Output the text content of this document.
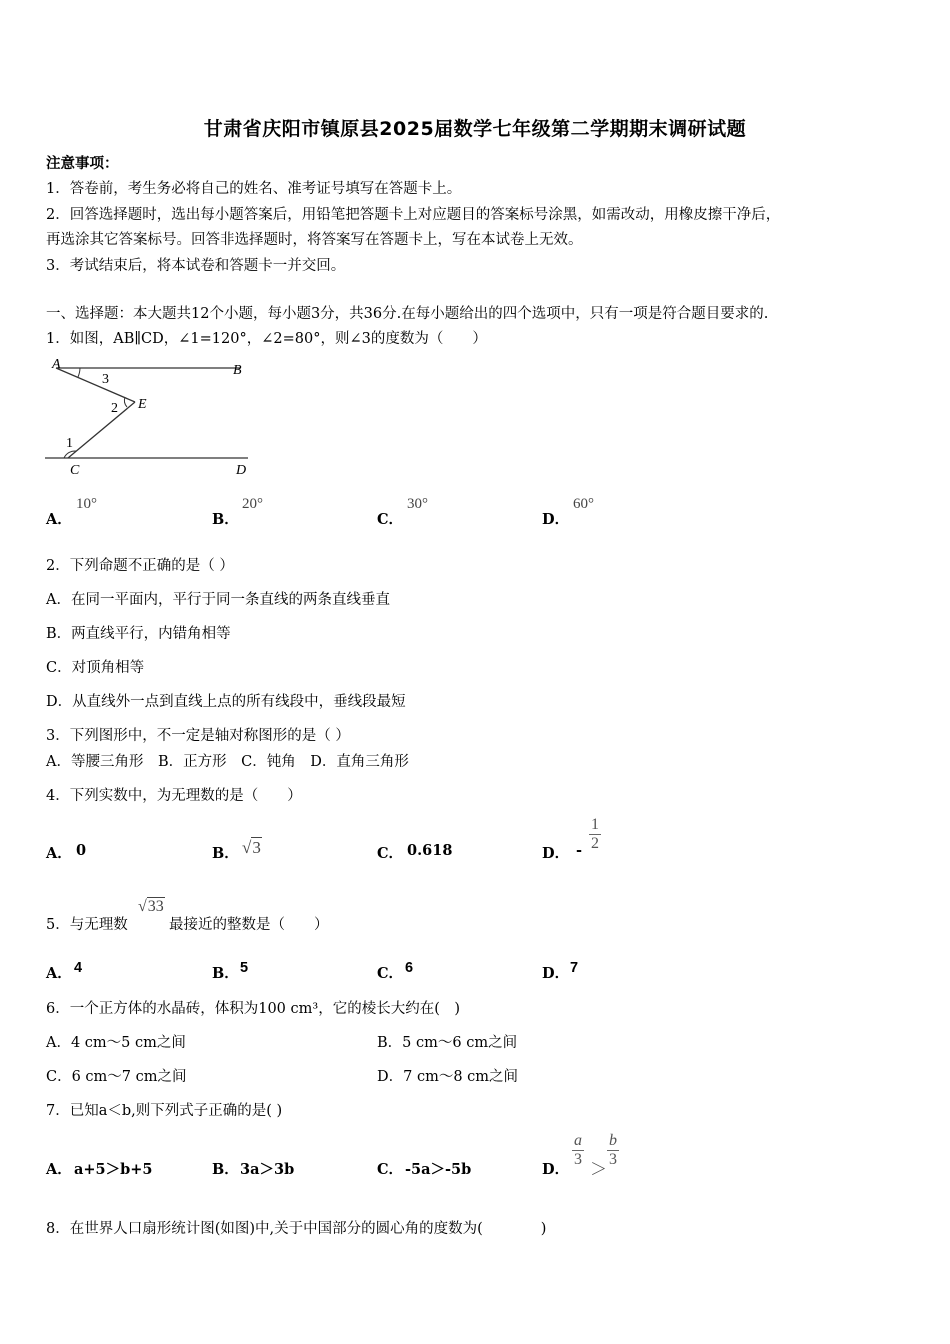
甘肃省庆阳市镇原县2025届数学七年级第二学期期末调研试题
注意事项：
1．答卷前，考生务必将自己的姓名、准考证号填写在答题卡上。
2．回答选择题时，选出每小题答案后，用铅笔把答题卡上对应题目的答案标号涂黑，如需改动，用橡皮擦干净后，
再选涂其它答案标号。回答非选择题时，将答案写在答题卡上，写在本试卷上无效。
3．考试结束后，将本试卷和答题卡一并交回。
一、选择题：本大题共12个小题，每小题3分，共36分.在每小题给出的四个选项中，只有一项是符合题目要求的.
1．如图，AB∥CD，∠1=120°，∠2=80°，则∠3的度数为（　　）
A	B
E
C	D
3
2
1
A．
10°
B．
20°
C．
30°
D．
60°
2．下列命题不正确的是（ ）
A．在同一平面内，平行于同一条直线的两条直线垂直
B．两直线平行，内错角相等
C．对顶角相等
D．从直线外一点到直线上点的所有线段中，垂线段最短
3．下列图形中，不一定是轴对称图形的是（ ）
A．等腰三角形　B．正方形　C．钝角　D．直角三角形
4．下列实数中，为无理数的是（　　）
A． 0	B． √3	C． 0.618	D． - $\frac{1}{2}$
5．与无理数
√33
最接近的整数是（　　）
A． 4	B． 5	C． 6	D． 7
6．一个正方体的水晶砖，体积为100 cm³，它的棱长大约在(　)
A．4 cm～5 cm之间	B．5 cm～6 cm之间
C．6 cm～7 cm之间	D．7 cm～8 cm之间
7．已知a＜b,则下列式子正确的是( )
A． a+5＞b+5	B． 3a＞3b	C． -5a＞-5b	D．
$\frac{a}{3}$
＞
$\frac{b}{3}$
8．在世界人口扇形统计图(如图)中,关于中国部分的圆心角的度数为(　　　　)
